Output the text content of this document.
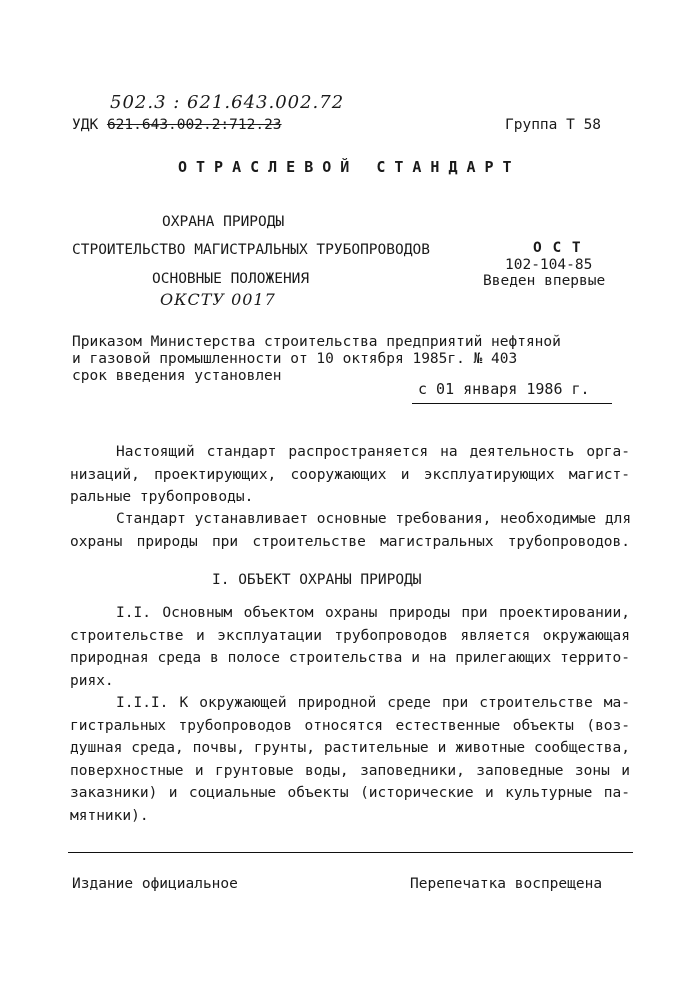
502.3 : 621.643.002.72
УДК 621.643.002.2:712.23	Группа Т 58
ОТРАСЛЕВОЙ СТАНДАРТ
ОХРАНА ПРИРОДЫ
СТРОИТЕЛЬСТВО МАГИСТРАЛЬНЫХ ТРУБОПРОВОДОВ
ОСНОВНЫЕ ПОЛОЖЕНИЯ
ОКСТУ 0017
О С Т
102-104-85
Введен впервые
Приказом Министерства строительства предприятий нефтяной
и газовой промышленности от 10 октября 1985г. № 403
срок введения установлен
с 01 января 1986 г.
Настоящий стандарт распространяется на деятельность орга-
низаций, проектирующих, сооружающих и эксплуатирующих магист-
ральные трубопроводы.
Стандарт устанавливает основные требования, необходимые для
охраны природы при строительстве магистральных трубопроводов.
I. ОБЪЕКТ ОХРАНЫ ПРИРОДЫ
I.I. Основным объектом охраны природы при проектировании,
строительстве и эксплуатации трубопроводов является окружающая
природная среда в полосе строительства и на прилегающих террито-
риях.
I.I.I. К окружающей природной среде при строительстве ма-
гистральных трубопроводов относятся естественные объекты (воз-
душная среда, почвы, грунты, растительные и животные сообщества,
поверхностные и грунтовые воды, заповедники, заповедные зоны и
заказники) и социальные объекты (исторические и культурные па-
мятники).
Издание официальное	Перепечатка воспрещена
